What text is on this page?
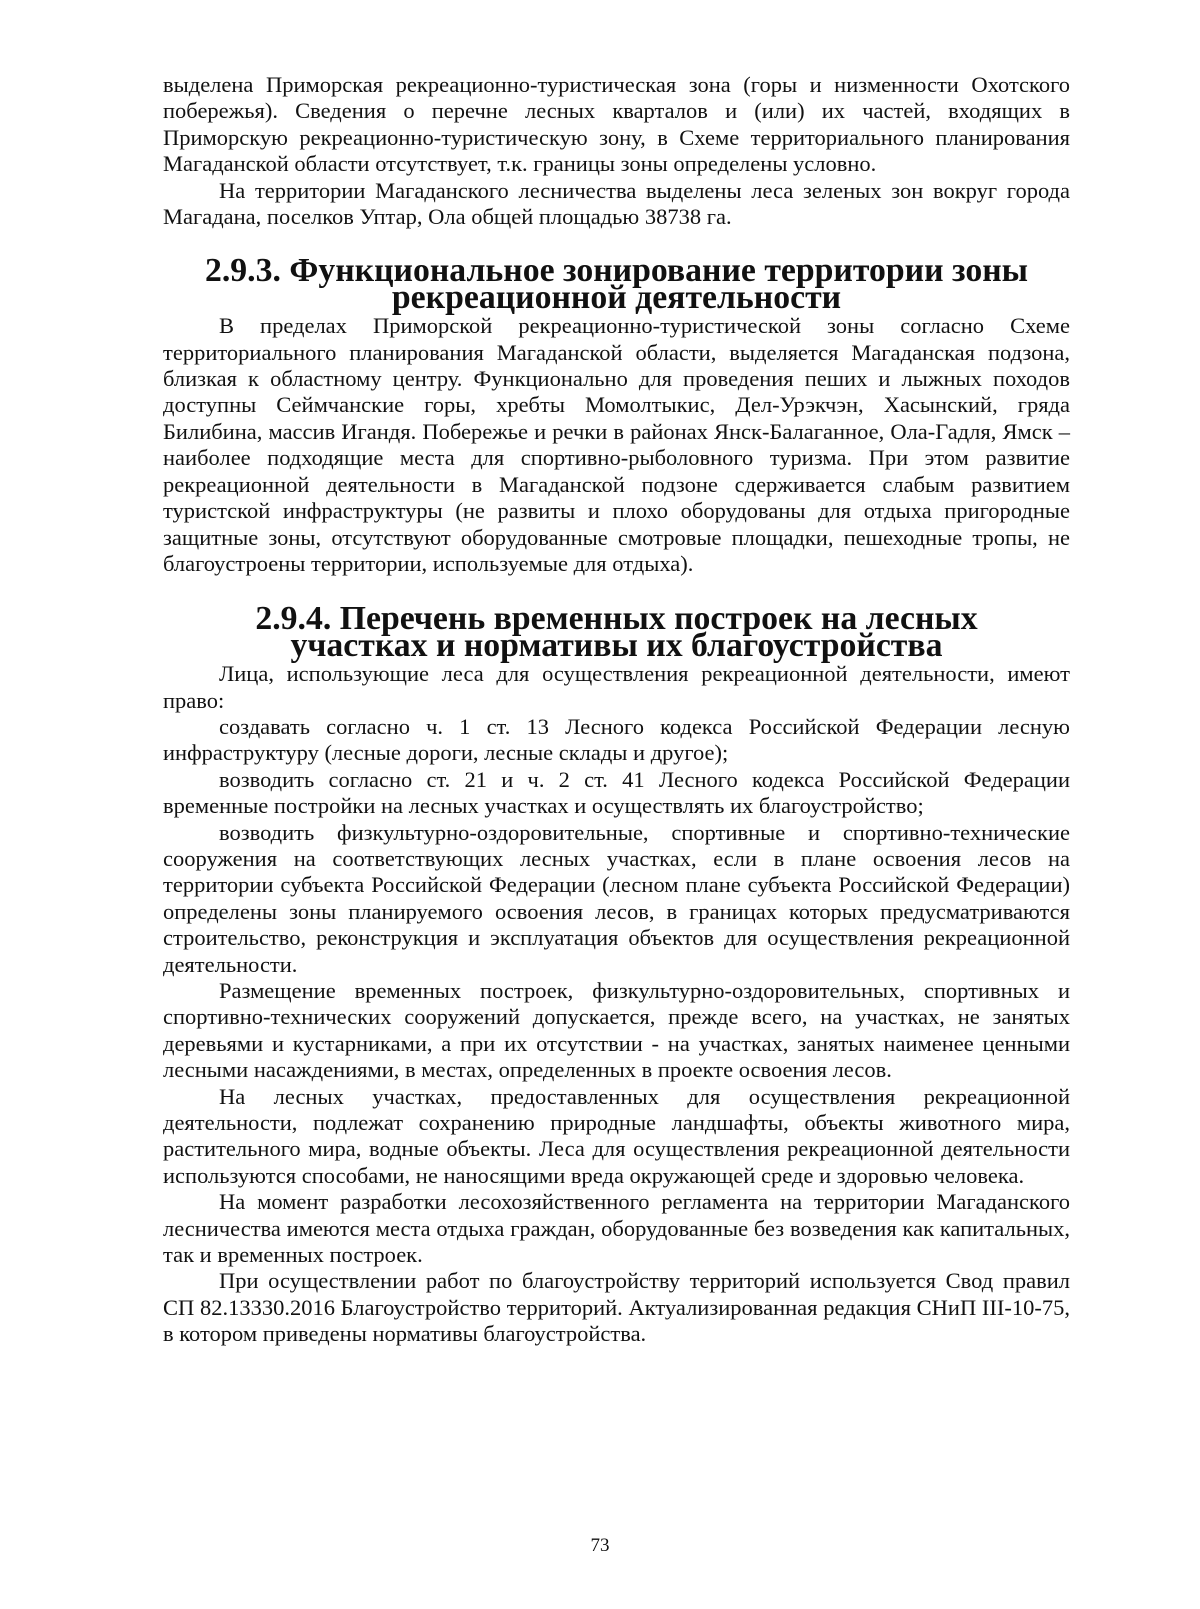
выделена Приморская рекреационно-туристическая зона (горы и низменности Охотского побережья). Сведения о перечне лесных кварталов и (или) их частей, входящих в Приморскую рекреационно-туристическую зону, в Схеме территориального планирования Магаданской области отсутствует, т.к. границы зоны определены условно.

На территории Магаданского лесничества выделены леса зеленых зон вокруг города Магадана, поселков Уптар, Ола общей площадью 38738 га.

2.9.3. Функциональное зонирование территории зоны рекреационной деятельности

В пределах Приморской рекреационно-туристической зоны согласно Схеме территориального планирования Магаданской области, выделяется Магаданская подзона, близкая к областному центру. Функционально для проведения пеших и лыжных походов доступны Сеймчанские горы, хребты Момолтыкис, Дел-Урэкчэн, Хасынский, гряда Билибина, массив Игандя. Побережье и речки в районах Янск-Балаганное, Ола-Гадля, Ямск – наиболее подходящие места для спортивно-рыболовного туризма. При этом развитие рекреационной деятельности в Магаданской подзоне сдерживается слабым развитием туристской инфраструктуры (не развиты и плохо оборудованы для отдыха пригородные защитные зоны, отсутствуют оборудованные смотровые площадки, пешеходные тропы, не благоустроены территории, используемые для отдыха).

2.9.4. Перечень временных построек на лесных участках и нормативы их благоустройства

Лица, использующие леса для осуществления рекреационной деятельности, имеют право:

создавать согласно ч. 1 ст. 13 Лесного кодекса Российской Федерации лесную инфраструктуру (лесные дороги, лесные склады и другое);

возводить согласно ст. 21 и ч. 2 ст. 41 Лесного кодекса Российской Федерации временные постройки на лесных участках и осуществлять их благоустройство;

возводить физкультурно-оздоровительные, спортивные и спортивно-технические сооружения на соответствующих лесных участках, если в плане освоения лесов на территории субъекта Российской Федерации (лесном плане субъекта Российской Федерации) определены зоны планируемого освоения лесов, в границах которых предусматриваются строительство, реконструкция и эксплуатация объектов для осуществления рекреационной деятельности.

Размещение временных построек, физкультурно-оздоровительных, спортивных и спортивно-технических сооружений допускается, прежде всего, на участках, не занятых деревьями и кустарниками, а при их отсутствии - на участках, занятых наименее ценными лесными насаждениями, в местах, определенных в проекте освоения лесов.

На лесных участках, предоставленных для осуществления рекреационной деятельности, подлежат сохранению природные ландшафты, объекты животного мира, растительного мира, водные объекты. Леса для осуществления рекреационной деятельности используются способами, не наносящими вреда окружающей среде и здоровью человека.

На момент разработки лесохозяйственного регламента на территории Магаданского лесничества имеются места отдыха граждан, оборудованные без возведения как капитальных, так и временных построек.

При осуществлении работ по благоустройству территорий используется Свод правил СП 82.13330.2016 Благоустройство территорий. Актуализированная редакция СНиП III-10-75, в котором приведены нормативы благоустройства.

73
